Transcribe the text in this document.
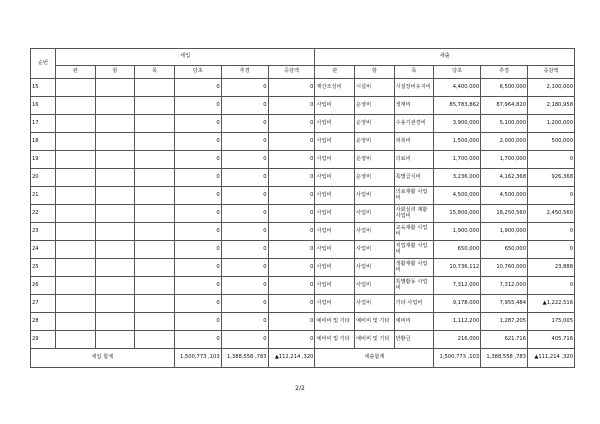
순번	세입						세출					
	관	항	목	당초	추경	증감액	관	항	목	당초	추경	증감액
15				0	0	0	재산조성비	시설비	시설장비유지비	4,400,000	6,500,000	2,100,000
16				0	0	0	사업비	운영비	생계비	85,783,862	87,964,820	2,180,958
17				0	0	0	사업비	운영비	수용기관경비	3,900,000	5,100,000	1,200,000
18				0	0	0	사업비	운영비	피복비	1,500,000	2,000,000	500,000
19				0	0	0	사업비	운영비	의료비	1,700,000	1,700,000	0
20				0	0	0	사업비	운영비	특별급식비	3,236,000	4,162,368	926,368
21				0	0	0	사업비	사업비	의료재활 사업비	4,500,000	4,500,000	0
22				0	0	0	사업비	사업비	사회심리 재활 사업비	15,800,000	18,250,560	2,450,560
23				0	0	0	사업비	사업비	교육재활 사업비	1,900,000	1,900,000	0
24				0	0	0	사업비	사업비	직업재활 사업비	650,000	650,000	0
25				0	0	0	사업비	사업비	생활재활 사업비	10,736,112	10,760,000	23,888
26				0	0	0	사업비	사업비	특별활동 사업비	7,312,000	7,312,000	0
27				0	0	0	사업비	사업비	기타 사업비	9,178,000	7,955,484	▲1,222,516
28				0	0	0	예비비 및 기타	예비비 및 기타	예비비	1,112,200	1,287,205	175,005
29				0	0	0	예비비 및 기타	예비비 및 기타	반환금	216,000	621,716	405,716
세입 합계				1,500,773 ,103	1,388,558 ,783	▲112,214 ,320	세출합계			1,500,773 ,103	1,388,558 ,783	▲111,214 ,320
2/2
